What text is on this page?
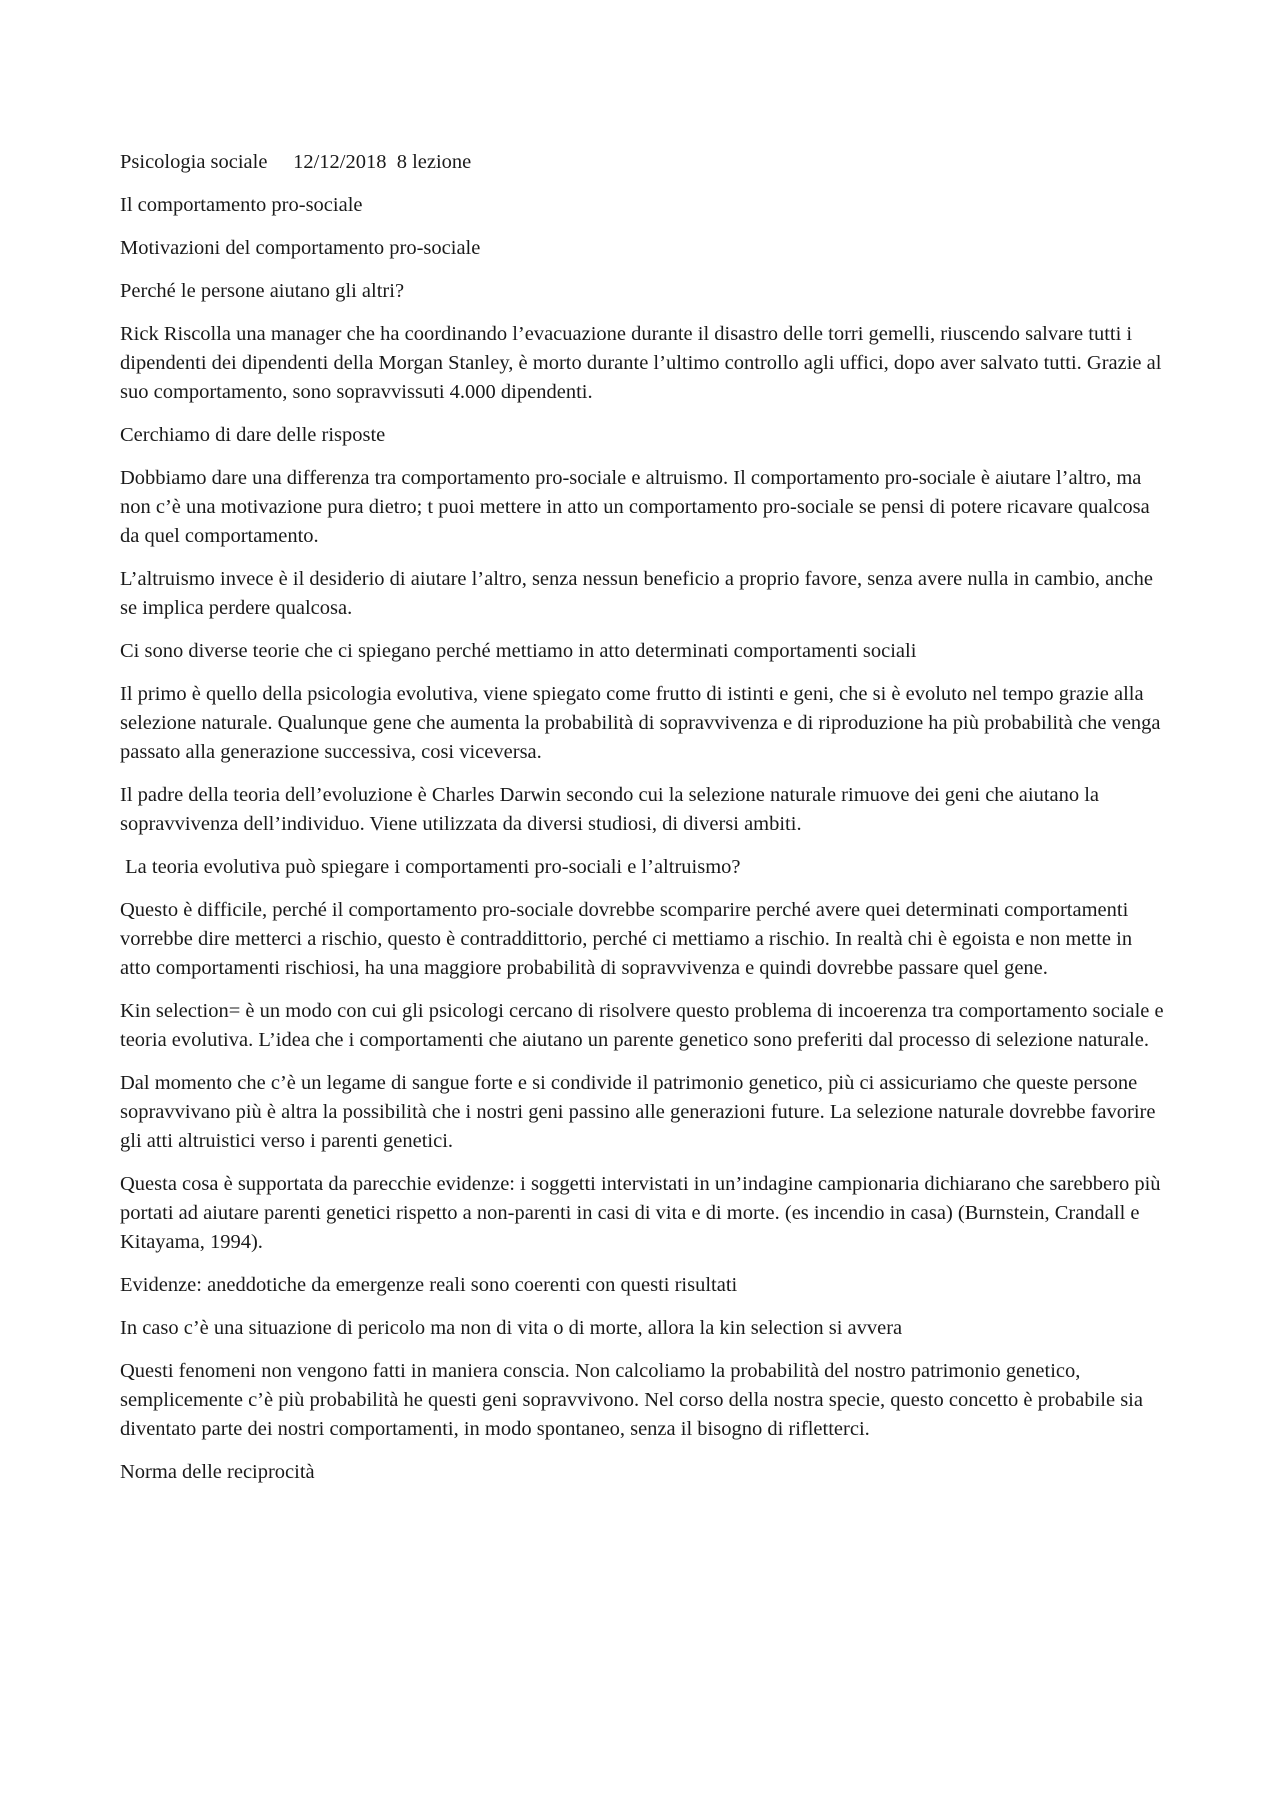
Psicologia sociale     12/12/2018  8 lezione

Il comportamento pro-sociale

Motivazioni del comportamento pro-sociale

Perché le persone aiutano gli altri?

Rick Riscolla una manager che ha coordinando l’evacuazione durante il disastro delle torri gemelli, riuscendo salvare tutti i dipendenti dei dipendenti della Morgan Stanley, è morto durante l’ultimo controllo agli uffici, dopo aver salvato tutti. Grazie al suo comportamento, sono sopravvissuti 4.000 dipendenti.

Cerchiamo di dare delle risposte

Dobbiamo dare una differenza tra comportamento pro-sociale e altruismo. Il comportamento pro-sociale è aiutare l’altro, ma non c’è una motivazione pura dietro; t puoi mettere in atto un comportamento pro-sociale se pensi di potere ricavare qualcosa da quel comportamento.

L’altruismo invece è il desiderio di aiutare l’altro, senza nessun beneficio a proprio favore, senza avere nulla in cambio, anche se implica perdere qualcosa.

Ci sono diverse teorie che ci spiegano perché mettiamo in atto determinati comportamenti sociali

Il primo è quello della psicologia evolutiva, viene spiegato come frutto di istinti e geni, che si è evoluto nel tempo grazie alla selezione naturale. Qualunque gene che aumenta la probabilità di sopravvivenza e di riproduzione ha più probabilità che venga passato alla generazione successiva, cosi viceversa.

Il padre della teoria dell’evoluzione è Charles Darwin secondo cui la selezione naturale rimuove dei geni che aiutano la sopravvivenza dell’individuo. Viene utilizzata da diversi studiosi, di diversi ambiti.

La teoria evolutiva può spiegare i comportamenti pro-sociali e l’altruismo?

Questo è difficile, perché il comportamento pro-sociale dovrebbe scomparire perché avere quei determinati comportamenti vorrebbe dire metterci a rischio, questo è contraddittorio, perché ci mettiamo a rischio. In realtà chi è egoista e non mette in atto comportamenti rischiosi, ha una maggiore probabilità di sopravvivenza e quindi dovrebbe passare quel gene.

Kin selection= è un modo con cui gli psicologi cercano di risolvere questo problema di incoerenza tra comportamento sociale e teoria evolutiva. L’idea che i comportamenti che aiutano un parente genetico sono preferiti dal processo di selezione naturale.

Dal momento che c’è un legame di sangue forte e si condivide il patrimonio genetico, più ci assicuriamo che queste persone sopravvivano più è altra la possibilità che i nostri geni passino alle generazioni future. La selezione naturale dovrebbe favorire gli atti altruistici verso i parenti genetici.

Questa cosa è supportata da parecchie evidenze: i soggetti intervistati in un’indagine campionaria dichiarano che sarebbero più portati ad aiutare parenti genetici rispetto a non-parenti in casi di vita e di morte. (es incendio in casa) (Burnstein, Crandall e Kitayama, 1994).

Evidenze: aneddotiche da emergenze reali sono coerenti con questi risultati

In caso c’è una situazione di pericolo ma non di vita o di morte, allora la kin selection si avvera

Questi fenomeni non vengono fatti in maniera conscia. Non calcoliamo la probabilità del nostro patrimonio genetico, semplicemente c’è più probabilità he questi geni sopravvivono. Nel corso della nostra specie, questo concetto è probabile sia diventato parte dei nostri comportamenti, in modo spontaneo, senza il bisogno di rifletterci.

Norma delle reciprocità
